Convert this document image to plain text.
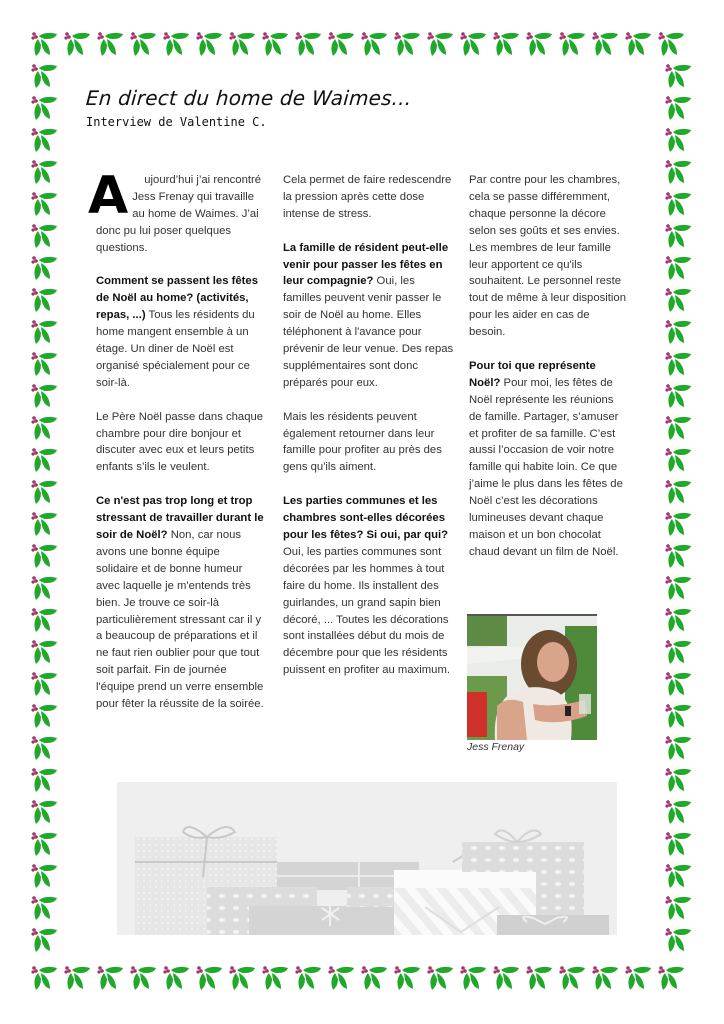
En direct du home de Waimes...
Interview de Valentine C.

A ujourd’hui j’ai rencontré Jess Frenay qui travaille au home de Waimes. J’ai donc pu lui poser quelques questions.

Comment se passent les fêtes de Noël au home? (activités, repas, ...) Tous les résidents du home mangent ensemble à un étage. Un diner de Noël est organisé spécialement pour ce soir-là.

Le Père Noël passe dans chaque chambre pour dire bonjour et discuter avec eux et leurs petits enfants s’ils le veulent.

Ce n'est pas trop long et trop stressant de travailler durant le soir de Noël? Non, car nous avons une bonne équipe solidaire et de bonne humeur avec laquelle je m'entends très bien. Je trouve ce soir-là particulièrement stressant car il y a beaucoup de préparations et il ne faut rien oublier pour que tout soit parfait. Fin de journée l'équipe prend un verre ensemble pour fêter la réussite de la soirée.

Cela permet de faire redescendre la pression après cette dose intense de stress.

La famille de résident peut-elle venir pour passer les fêtes en leur compagnie? Oui, les familles peuvent venir passer le soir de Noël au home. Elles téléphonent à l'avance pour prévenir de leur venue. Des repas supplémentaires sont donc préparés pour eux.

Mais les résidents peuvent également retourner dans leur famille pour profiter au près des gens qu'ils aiment.

Les parties communes et les chambres sont-elles décorées pour les fêtes? Si oui, par qui? Oui, les parties communes sont décorées par les hommes à tout faire du home. Ils installent des guirlandes, un grand sapin bien décoré, ... Toutes les décorations sont installées début du mois de décembre pour que les résidents puissent en profiter au maximum.

Par contre pour les chambres, cela se passe différemment, chaque personne la décore selon ses goûts et ses envies. Les membres de leur famille leur apportent ce qu'ils souhaitent. Le personnel reste tout de même à leur disposition pour les aider en cas de besoin.

Pour toi que représente Noël? Pour moi, les fêtes de Noël représente les réunions de famille. Partager, s’amuser et profiter de sa famille. C’est aussi l’occasion de voir notre famille qui habite loin. Ce que j’aime le plus dans les fêtes de Noël c’est les décorations lumineuses devant chaque maison et un bon chocolat chaud devant un film de Noël.

Jess Frenay
